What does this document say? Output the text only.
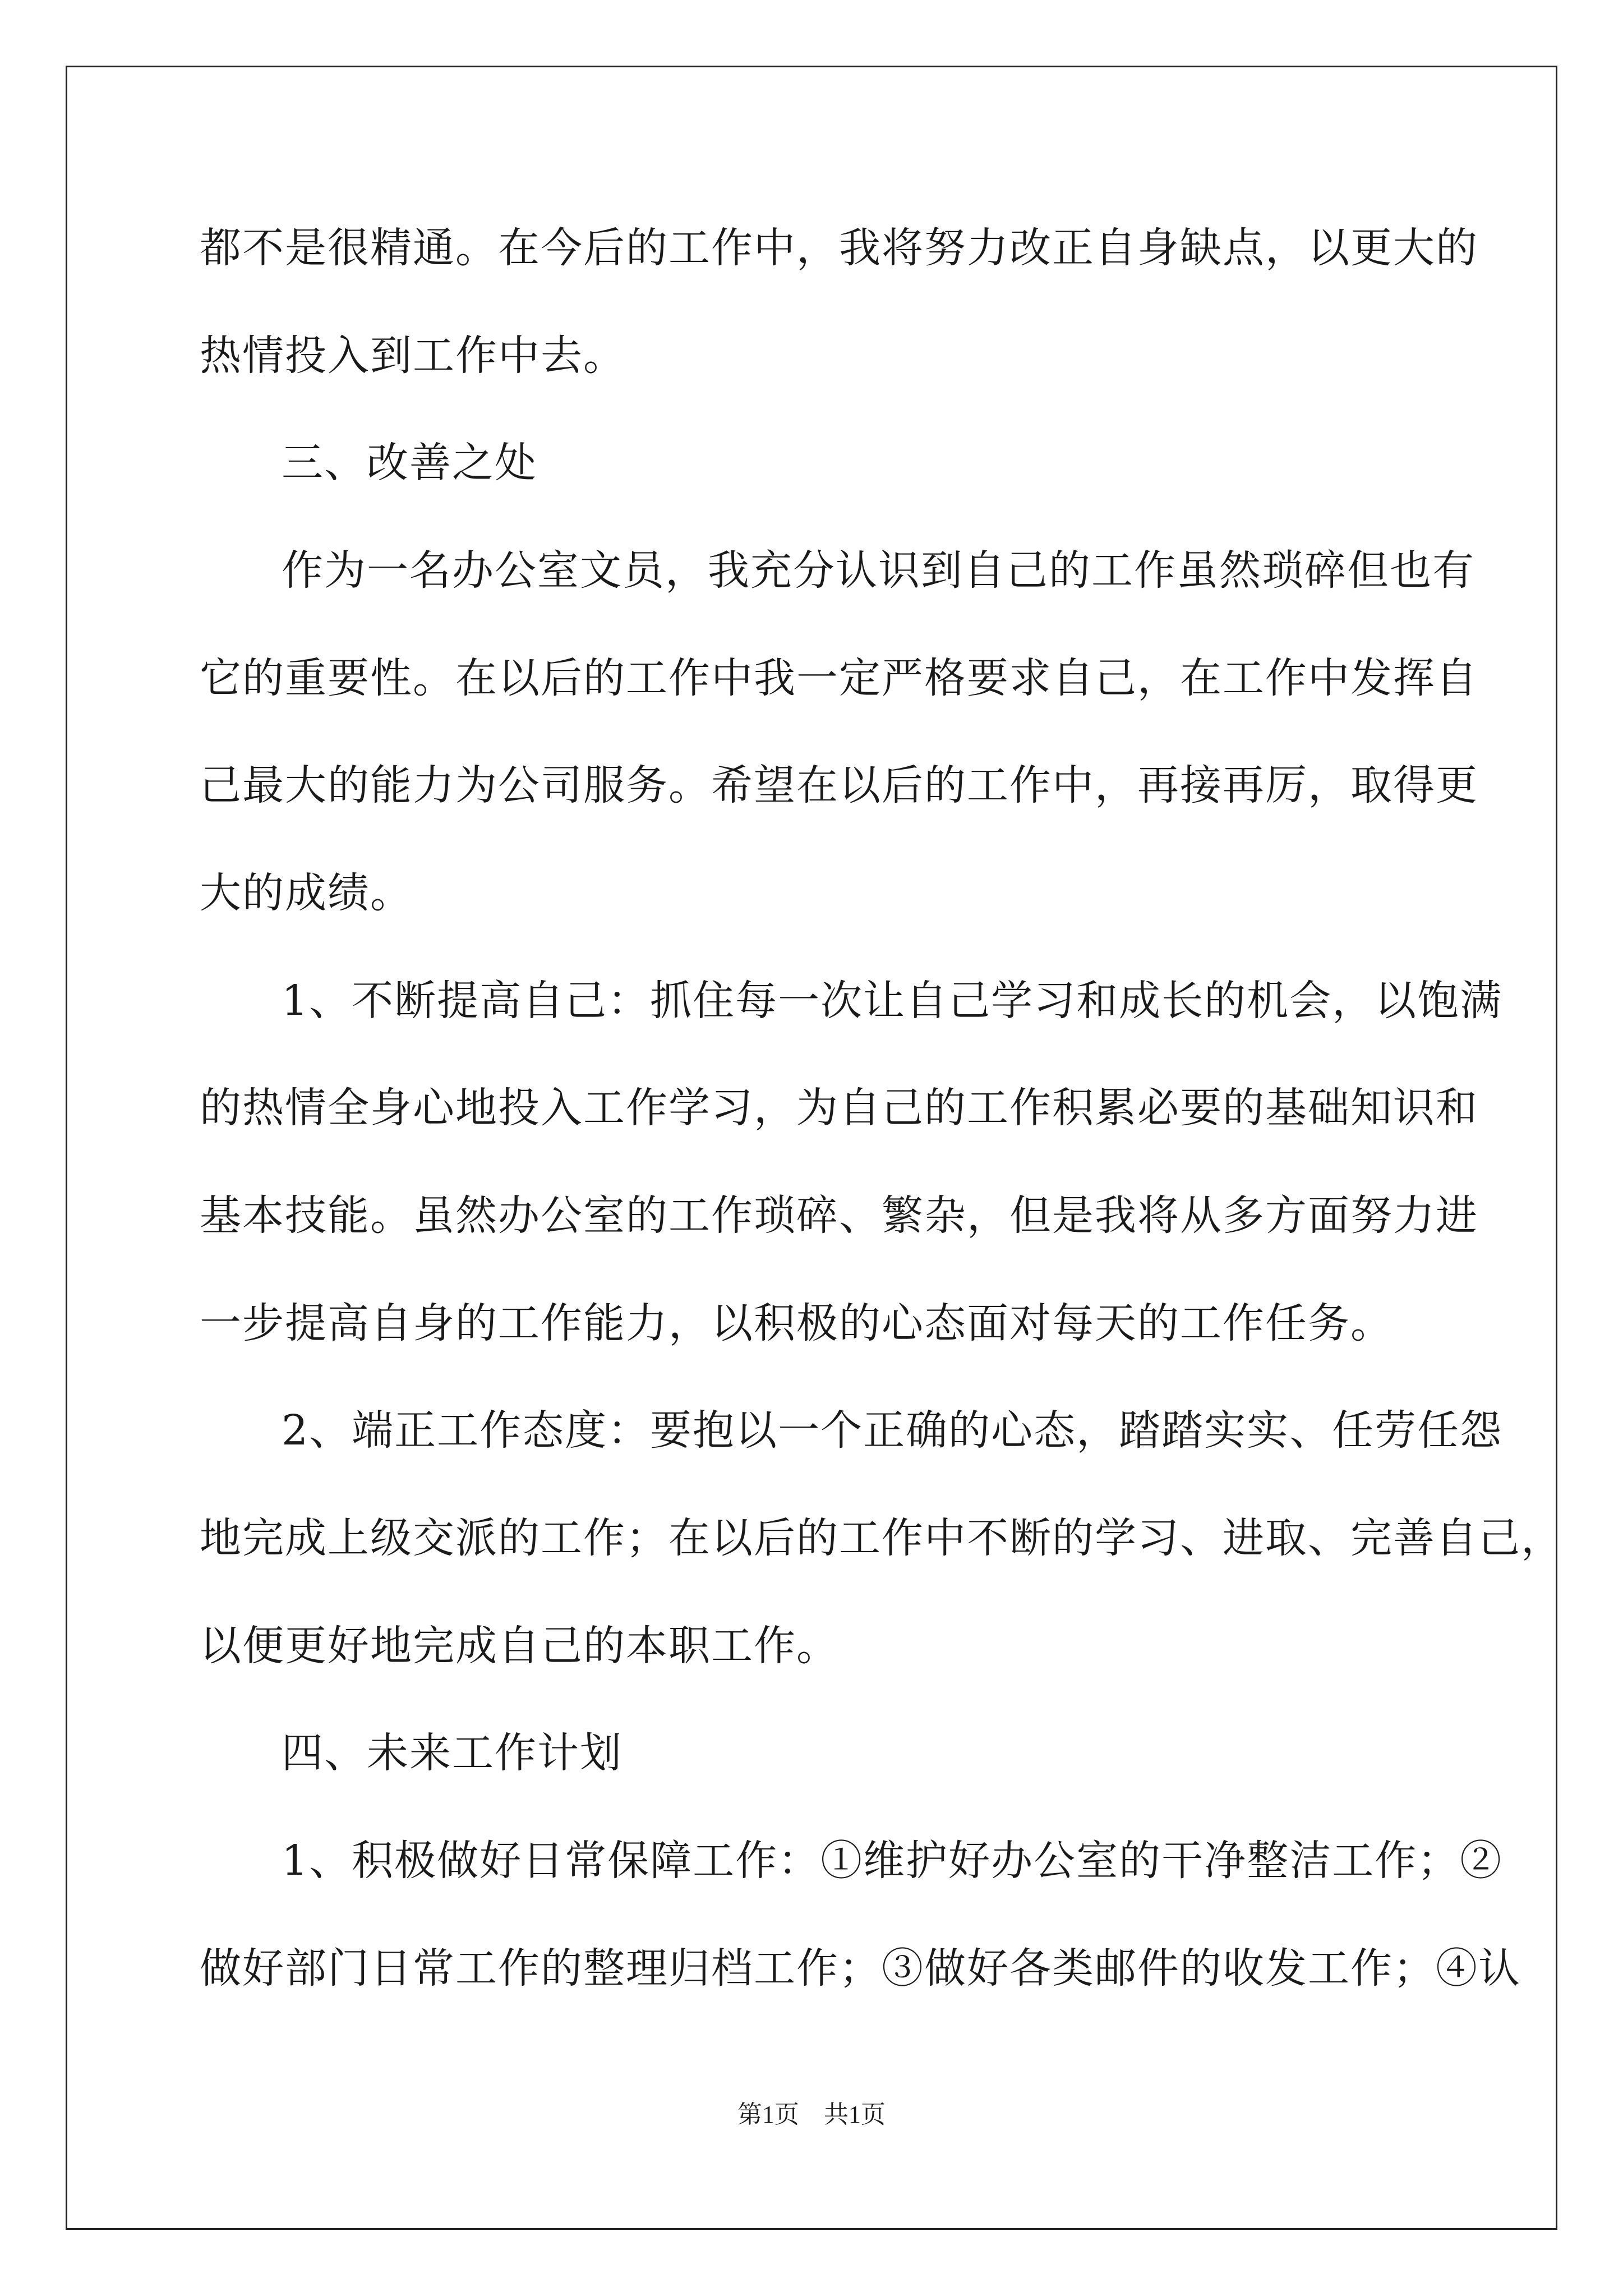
都不是很精通。在今后的工作中，我将努力改正自身缺点，以更大的
热情投入到工作中去。
三、改善之处
作为一名办公室文员，我充分认识到自己的工作虽然琐碎但也有
它的重要性。在以后的工作中我一定严格要求自己，在工作中发挥自
己最大的能力为公司服务。希望在以后的工作中，再接再厉，取得更
大的成绩。
1、不断提高自己：抓住每一次让自己学习和成长的机会，以饱满
的热情全身心地投入工作学习，为自己的工作积累必要的基础知识和
基本技能。虽然办公室的工作琐碎、繁杂，但是我将从多方面努力进
一步提高自身的工作能力，以积极的心态面对每天的工作任务。
2、端正工作态度：要抱以一个正确的心态，踏踏实实、任劳任怨
地完成上级交派的工作；在以后的工作中不断的学习、进取、完善自己，
以便更好地完成自己的本职工作。
四、未来工作计划
1、积极做好日常保障工作：①维护好办公室的干净整洁工作；②
做好部门日常工作的整理归档工作；③做好各类邮件的收发工作；④认
第1页　共1页
